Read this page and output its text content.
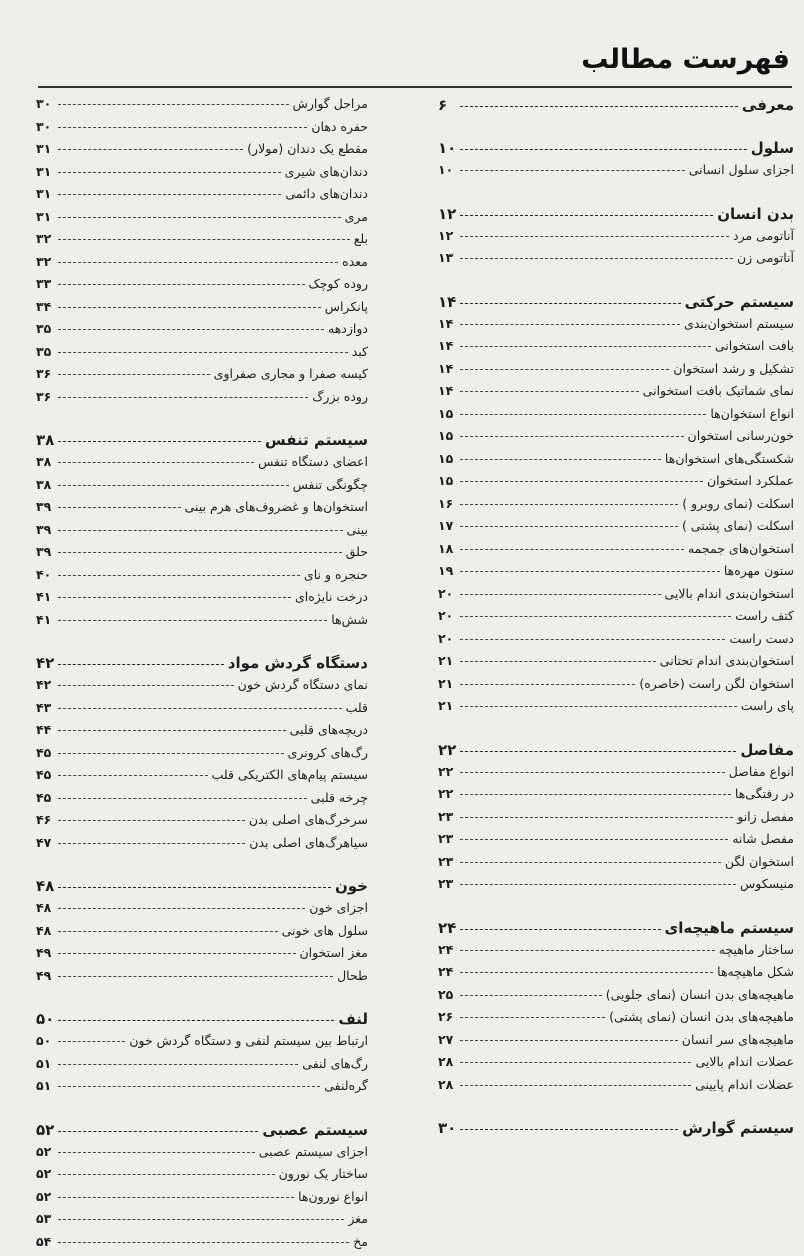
فهرست مطالب
معرفی
۶
سلول
۱۰
اجزای سلول انسانی
۱۰
بدن انسان
۱۲
آناتومی مرد
۱۲
آناتومی زن
۱۳
سیستم حرکتی
۱۴
سیستم استخوان‌بندی
۱۴
بافت استخوانی
۱۴
تشکیل و رشد استخوان
۱۴
نمای شماتیک بافت استخوانی
۱۴
انواع استخوان‌ها
۱۵
خون‌رسانی استخوان
۱۵
شکستگی‌های استخوان‌ها
۱۵
عملکرد استخوان
۱۵
اسکلت (نمای روبرو )
۱۶
اسکلت (نمای پشتی )
۱۷
استخوان‌های جمجمه
۱۸
ستون مهره‌ها
۱۹
استخوان‌بندی اندام بالایی
۲۰
کتف راست
۲۰
دست راست
۲۰
استخوان‌بندی اندام تحتانی
۲۱
استخوان لگن راست (خاصره)
۲۱
پای راست
۲۱
مفاصل
۲۲
انواع مفاصل
۲۲
در رفتگی‌ها
۲۲
مفصل زانو
۲۳
مفصل شانه
۲۳
استخوان لگن
۲۳
منیسکوس
۲۳
سیستم ماهیچه‌ای
۲۴
ساختار ماهیچه
۲۴
شکل ماهیچه‌ها
۲۴
ماهیچه‌های بدن انسان (نمای جلویی)
۲۵
ماهیچه‌های بدن انسان (نمای پشتی)
۲۶
ماهیچه‌های سر انسان
۲۷
عضلات اندام بالایی
۲۸
عضلات اندام پایینی
۲۸
سیستم گوارش
۳۰
مراحل گوارش
۳۰
حفره دهان
۳۰
مقطع یک دندان (مولار)
۳۱
دندان‌های شیری
۳۱
دندان‌های دائمی
۳۱
مری
۳۱
بلع
۳۲
معده
۳۲
روده کوچک
۳۳
پانکراس
۳۴
دوازدهه
۳۵
کبد
۳۵
کیسه صفرا و مجاری صفراوی
۳۶
روده بزرگ
۳۶
سیستم تنفس
۳۸
اعضای دستگاه تنفس
۳۸
چگونگی تنفس
۳۸
استخوان‌ها و غضروف‌های هرم بینی
۳۹
بینی
۳۹
حلق
۳۹
حنجره و نای
۴۰
درخت نایژه‌ای
۴۱
شش‌ها
۴۱
دستگاه گردش مواد
۴۲
نمای دستگاه گردش خون
۴۲
قلب
۴۳
دریچه‌های قلبی
۴۴
رگ‌های کرونری
۴۵
سیستم پیام‌های الکتریکی قلب
۴۵
چرخه قلبی
۴۵
سرخرگ‌های اصلی بدن
۴۶
سیاهرگ‌های اصلی بدن
۴۷
خون
۴۸
اجزای خون
۴۸
سلول های خونی
۴۸
مغز استخوان
۴۹
طحال
۴۹
لنف
۵۰
ارتباط بین سیستم لنفی و دستگاه گردش خون
۵۰
رگ‌های لنفی
۵۱
گره‌لنفی
۵۱
سیستم عصبی
۵۲
اجزای سیستم عصبی
۵۲
ساختار یک نورون
۵۲
انواع نورون‌ها
۵۲
مغز
۵۳
مخ
۵۴
